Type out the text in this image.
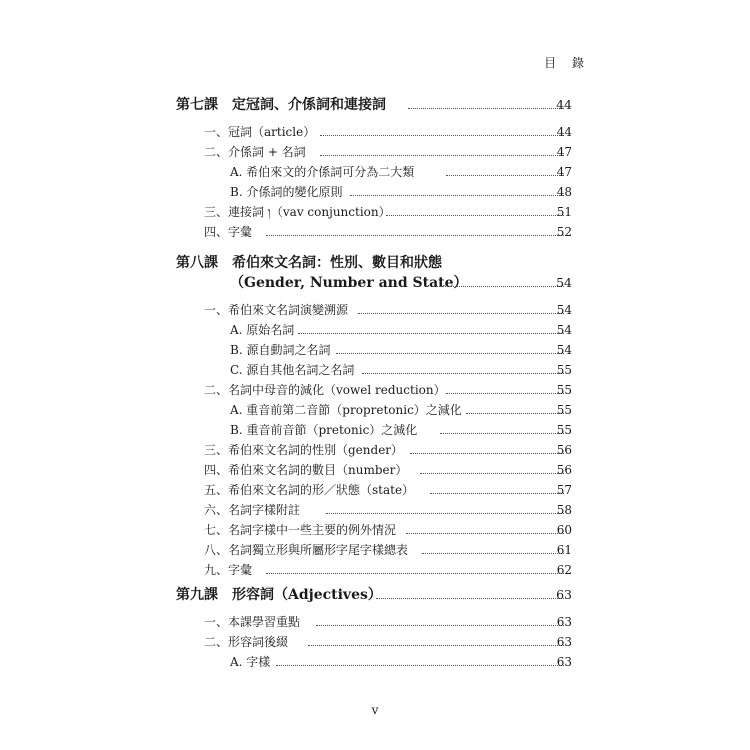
目 錄
第七課　定冠詞、介係詞和連接詞	44
一、冠詞（article）	44
二、介係詞 + 名詞	47
A. 希伯來文的介係詞可分為二大類	47
B. 介係詞的變化原則	48
三、連接詞 וְ（vav conjunction）	51
四、字彙	52
第八課　希伯來文名詞：性別、數目和狀態
（Gender, Number and State）	54
一、希伯來文名詞演變溯源	54
A. 原始名詞	54
B. 源自動詞之名詞	54
C. 源自其他名詞之名詞	55
二、名詞中母音的減化（vowel reduction）	55
A. 重音前第二音節（propretonic）之減化	55
B. 重音前音節（pretonic）之減化	55
三、希伯來文名詞的性別（gender）	56
四、希伯來文名詞的數目（number）	56
五、希伯來文名詞的形／狀態（state）	57
六、名詞字樣附註	58
七、名詞字樣中一些主要的例外情況	60
八、名詞獨立形與所屬形字尾字樣總表	61
九、字彙	62
第九課　形容詞（Adjectives）	63
一、本課學習重點	63
二、形容詞後綴	63
A. 字樣	63
v
